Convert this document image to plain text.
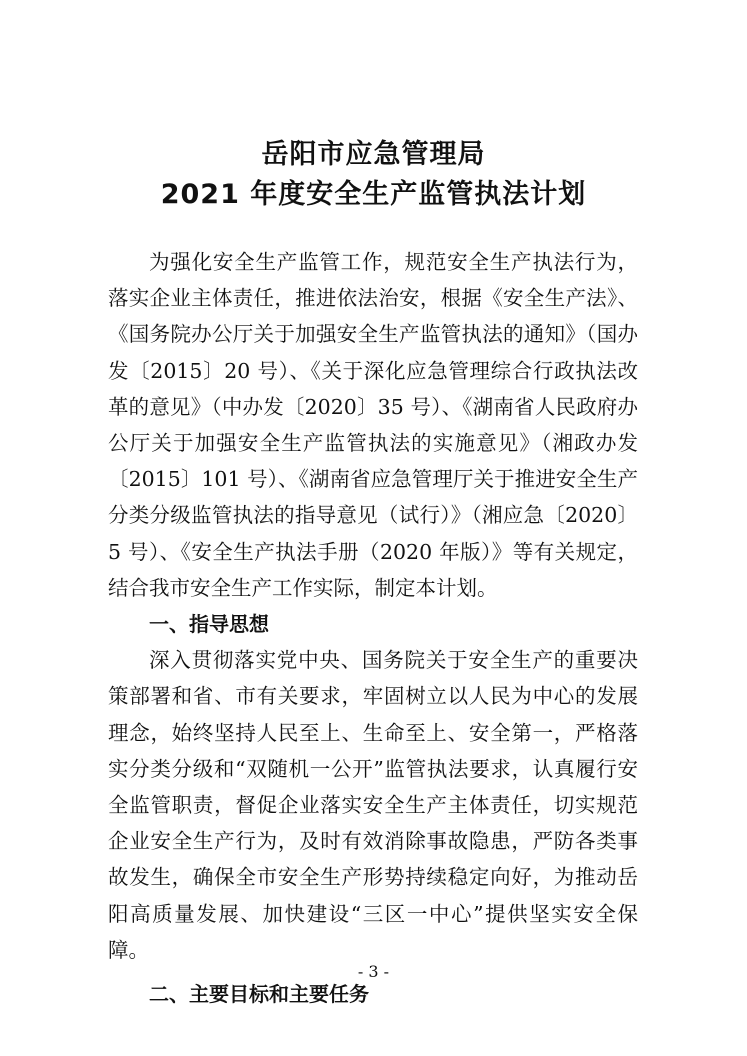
岳阳市应急管理局
2021 年度安全生产监管执法计划

为强化安全生产监管工作，规范安全生产执法行为，落实企业主体责任，推进依法治安，根据《安全生产法》、《国务院办公厅关于加强安全生产监管执法的通知》（国办发〔2015〕20 号）、《关于深化应急管理综合行政执法改革的意见》（中办发〔2020〕35 号）、《湖南省人民政府办公厅关于加强安全生产监管执法的实施意见》（湘政办发〔2015〕101 号）、《湖南省应急管理厅关于推进安全生产分类分级监管执法的指导意见（试行）》（湘应急〔2020〕5 号）、《安全生产执法手册（2020 年版）》等有关规定，结合我市安全生产工作实际，制定本计划。

一、指导思想

深入贯彻落实党中央、国务院关于安全生产的重要决策部署和省、市有关要求，牢固树立以人民为中心的发展理念，始终坚持人民至上、生命至上、安全第一，严格落实分类分级和“双随机一公开”监管执法要求，认真履行安全监管职责，督促企业落实安全生产主体责任，切实规范企业安全生产行为，及时有效消除事故隐患，严防各类事故发生，确保全市安全生产形势持续稳定向好，为推动岳阳高质量发展、加快建设“三区一中心”提供坚实安全保障。

二、主要目标和主要任务

- 3 -
